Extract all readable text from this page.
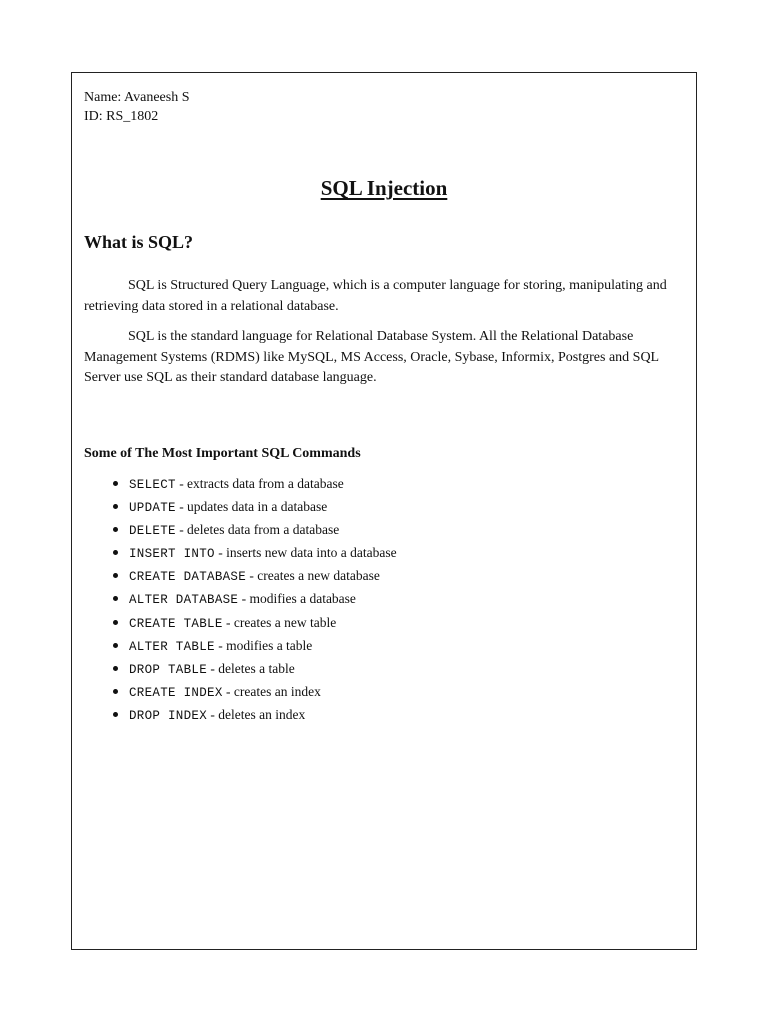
Name: Avaneesh S
ID: RS_1802
SQL Injection
What is SQL?

SQL is Structured Query Language, which is a computer language for storing, manipulating and retrieving data stored in a relational database.

SQL is the standard language for Relational Database System. All the Relational Database Management Systems (RDMS) like MySQL, MS Access, Oracle, Sybase, Informix, Postgres and SQL Server use SQL as their standard database language.

Some of The Most Important SQL Commands
SELECT - extracts data from a database
UPDATE - updates data in a database
DELETE - deletes data from a database
INSERT INTO - inserts new data into a database
CREATE DATABASE - creates a new database
ALTER DATABASE - modifies a database
CREATE TABLE - creates a new table
ALTER TABLE - modifies a table
DROP TABLE - deletes a table
CREATE INDEX - creates an index
DROP INDEX - deletes an index
